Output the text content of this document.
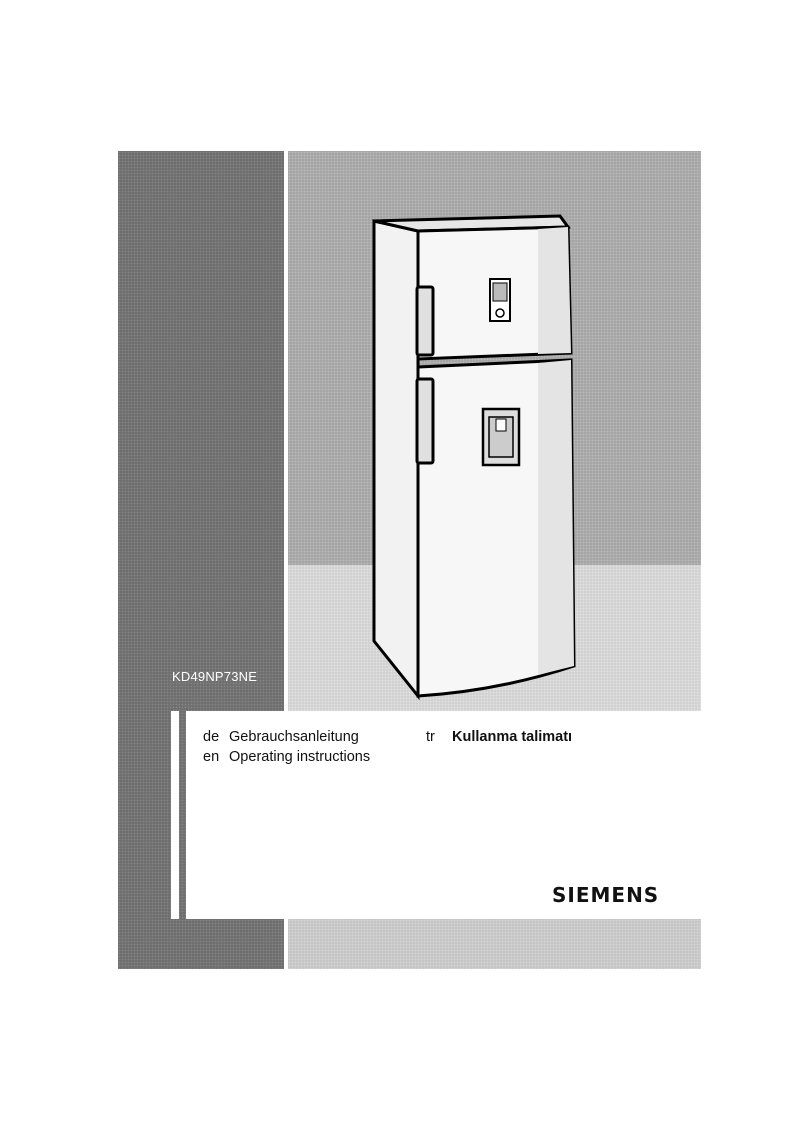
KD49NP73NE
de Gebrauchsanleitung
en Operating instructions
tr Kullanma talimatı
SIEMENS
